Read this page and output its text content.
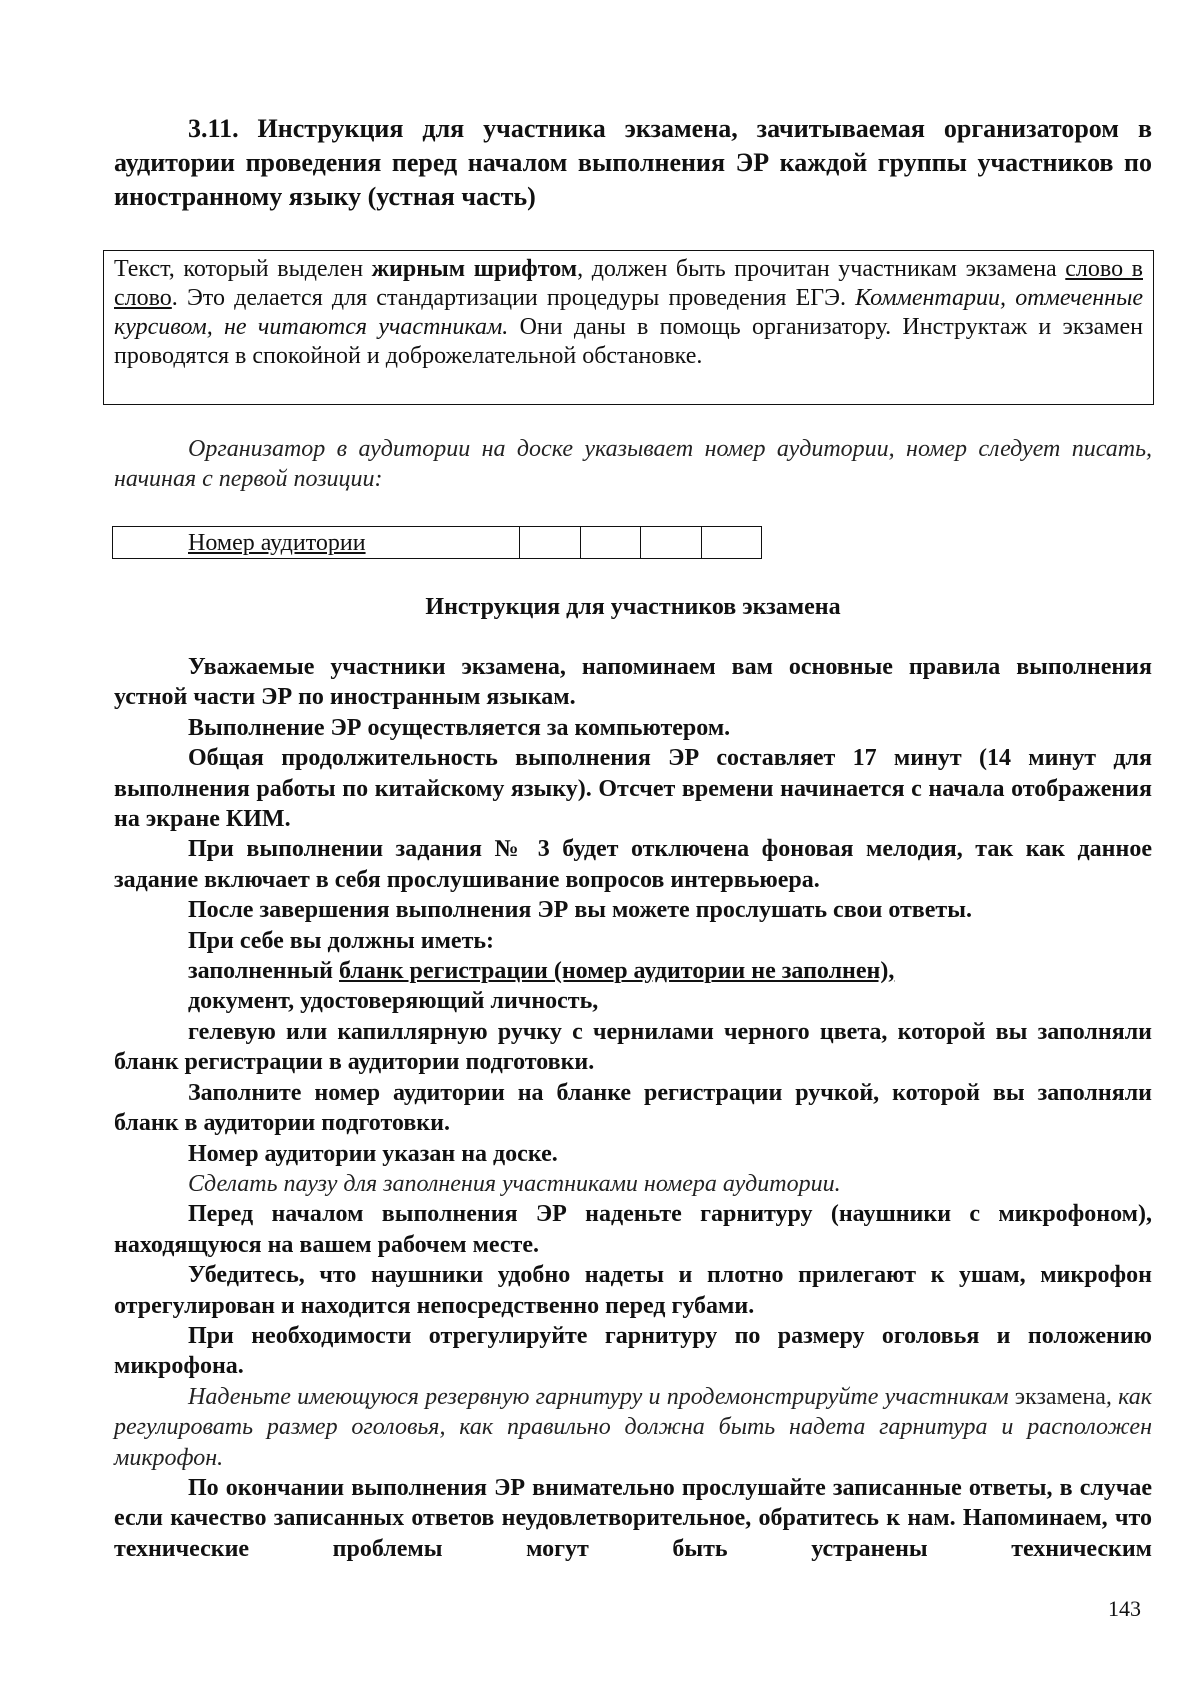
3.11. Инструкция для участника экзамена, зачитываемая организатором в аудитории проведения перед началом выполнения ЭР каждой группы участников по иностранному языку (устная часть)
Текст, который выделен жирным шрифтом, должен быть прочитан участникам экзамена слово в слово. Это делается для стандартизации процедуры проведения ЕГЭ. Комментарии, отмеченные курсивом, не читаются участникам. Они даны в помощь организатору. Инструктаж и экзамен проводятся в спокойной и доброжелательной обстановке.
Организатор в аудитории на доске указывает номер аудитории, номер следует писать, начиная с первой позиции:
Номер аудитории				
Инструкция для участников экзамена

Уважаемые участники экзамена, напоминаем вам основные правила выполнения устной части ЭР по иностранным языкам.

Выполнение ЭР осуществляется за компьютером.

Общая продолжительность выполнения ЭР составляет 17 минут (14 минут для выполнения работы по китайскому языку). Отсчет времени начинается с начала отображения на экране КИМ.

При выполнении задания № 3 будет отключена фоновая мелодия, так как данное задание включает в себя прослушивание вопросов интервьюера.

После завершения выполнения ЭР вы можете прослушать свои ответы.

При себе вы должны иметь:

заполненный бланк регистрации (номер аудитории не заполнен),

документ, удостоверяющий личность,

гелевую или капиллярную ручку с чернилами черного цвета, которой вы заполняли бланк регистрации в аудитории подготовки.

Заполните номер аудитории на бланке регистрации ручкой, которой вы заполняли бланк в аудитории подготовки.

Номер аудитории указан на доске.

Сделать паузу для заполнения участниками номера аудитории.

Перед началом выполнения ЭР наденьте гарнитуру (наушники с микрофоном), находящуюся на вашем рабочем месте.

Убедитесь, что наушники удобно надеты и плотно прилегают к ушам, микрофон отрегулирован и находится непосредственно перед губами.

При необходимости отрегулируйте гарнитуру по размеру оголовья и положению микрофона.

Наденьте имеющуюся резервную гарнитуру и продемонстрируйте участникам экзамена, как регулировать размер оголовья, как правильно должна быть надета гарнитура и расположен микрофон.

По окончании выполнения ЭР внимательно прослушайте записанные ответы, в случае если качество записанных ответов неудовлетворительное, обратитесь к нам. Напоминаем, что технические проблемы могут быть устранены техническим

143
